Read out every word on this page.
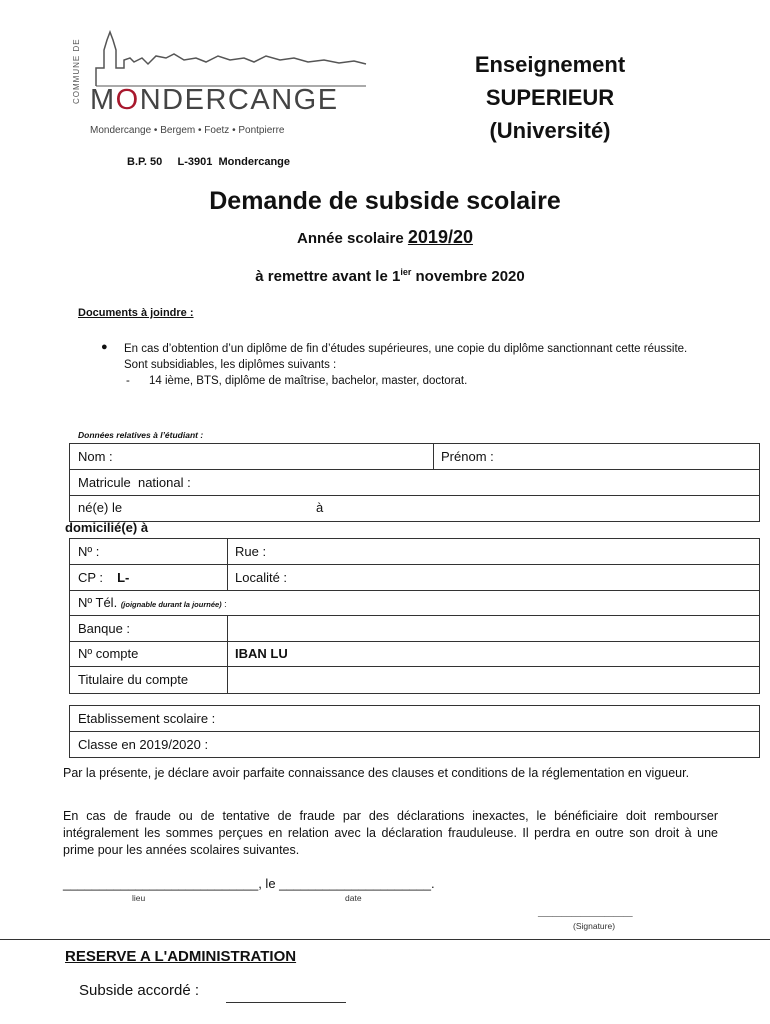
COMMUNE DE MONDERCANGE
Mondercange • Bergem • Foetz • Pontpierre
B.P. 50     L-3901  Mondercange
Enseignement
SUPERIEUR
(Université)
Demande de subside scolaire
Année scolaire 2019/20
à remettre avant le $1^{ier}$ novembre 2020
Documents à joindre :
● En cas d’obtention d’un diplôme de fin d’études supérieures, une copie du diplôme sanctionnant cette réussite.
Sont subsidiables, les diplômes suivants :
-      14 ième, BTS, diplôme de maîtrise, bachelor, master, doctorat.
Données relatives à l’étudiant :
Nom :	Prénom :
Matricule  national :
né(e) le	à
domicilié(e) à
Nº :	Rue :
CP : L-	Localité :
Nº Tél. (joignable durant la journée) :
Banque :
Nº compte	IBAN LU
Titulaire du compte
Etablissement scolaire :
Classe en 2019/2020 :
Par la présente, je déclare avoir parfaite connaissance des clauses et conditions de la réglementation en vigueur.
En cas de fraude ou de tentative de fraude par des déclarations inexactes, le bénéficiaire doit rembourser intégralement les sommes perçues en relation avec la déclaration frauduleuse. Il perdra en outre son droit à une prime pour les années scolaires suivantes.
___________________________, le _____________________.
lieu	date
____________________
(Signature)
RESERVE A L'ADMINISTRATION
Subside accordé :
